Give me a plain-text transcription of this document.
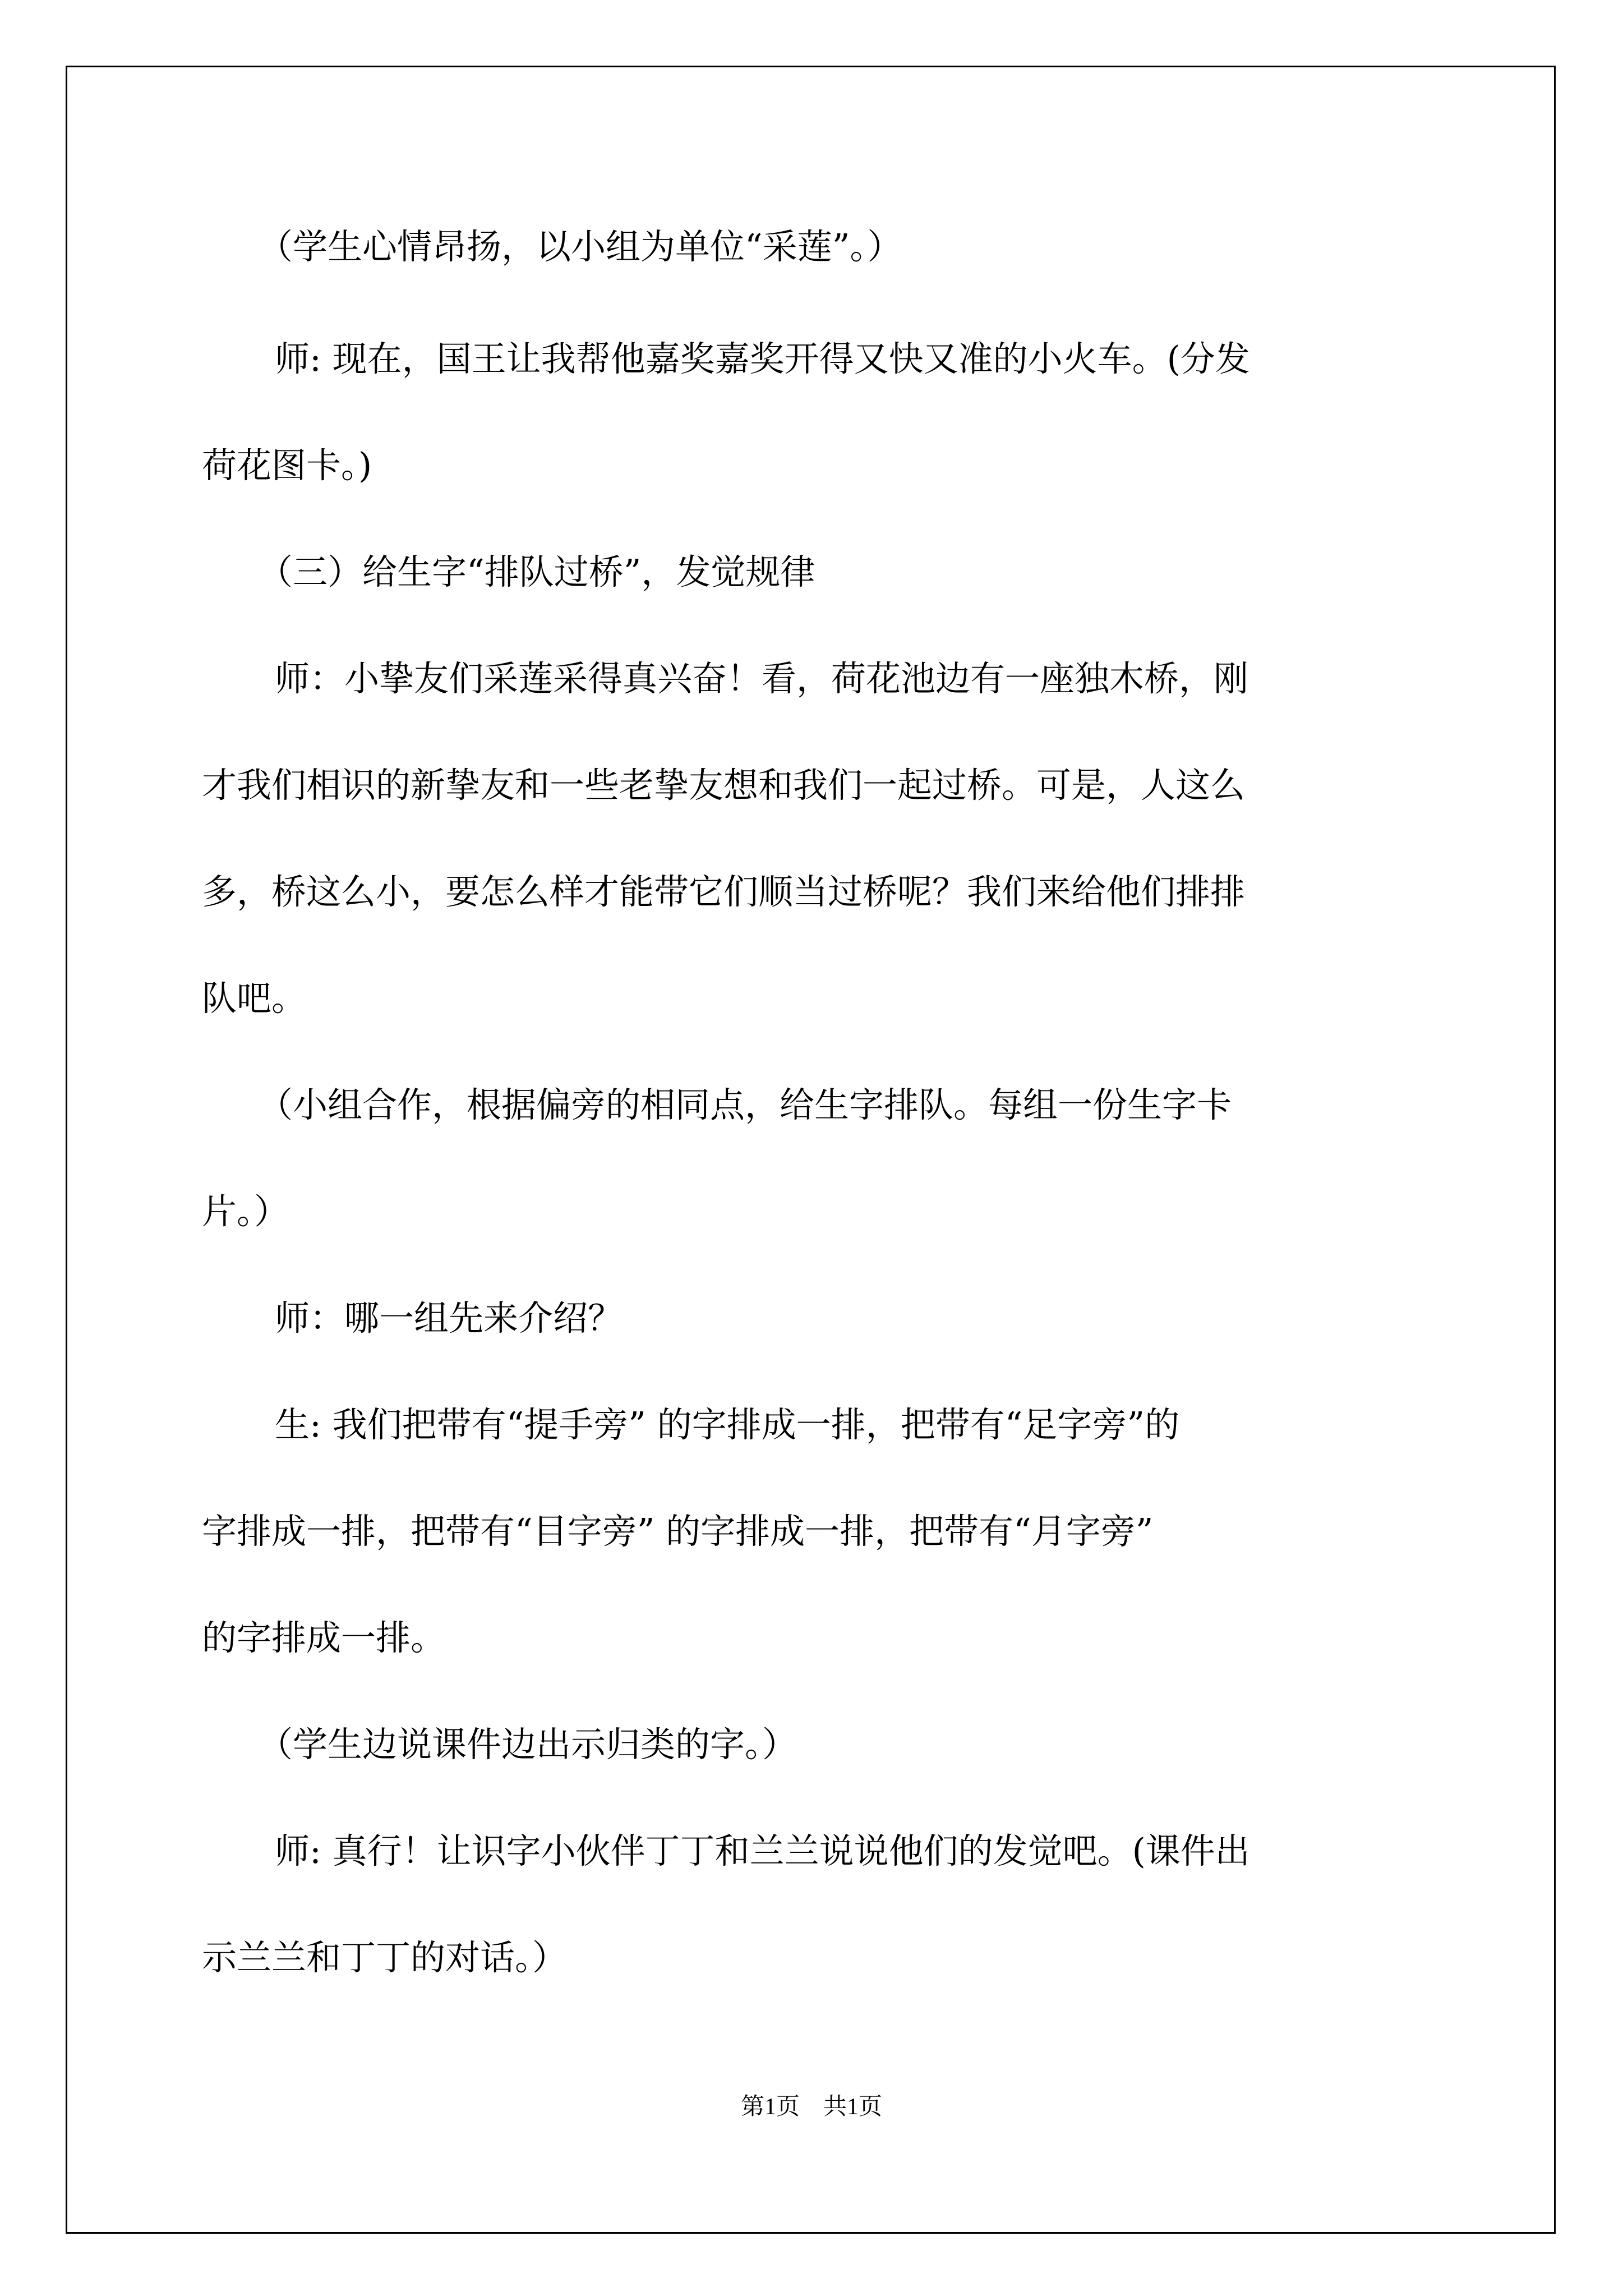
（学生心情昂扬，以小组为单位“采莲”。）
师: 现在，国王让我帮他嘉奖嘉奖开得又快又准的小火车。(分发
荷花图卡。)
（三）给生字“排队过桥”，发觉规律
师：小挚友们采莲采得真兴奋！看，荷花池边有一座独木桥，刚
才我们相识的新挚友和一些老挚友想和我们一起过桥。可是，人这么
多，桥这么小，要怎么样才能带它们顺当过桥呢？我们来给他们排排
队吧。
（小组合作，根据偏旁的相同点，给生字排队。每组一份生字卡
片。）
师：哪一组先来介绍？
生: 我们把带有“提手旁” 的字排成一排，把带有“足字旁”的
字排成一排，把带有“目字旁” 的字排成一排，把带有“月字旁”
的字排成一排。
（学生边说课件边出示归类的字。）
师: 真行！让识字小伙伴丁丁和兰兰说说他们的发觉吧。(课件出
示兰兰和丁丁的对话。）
第1页　共1页
